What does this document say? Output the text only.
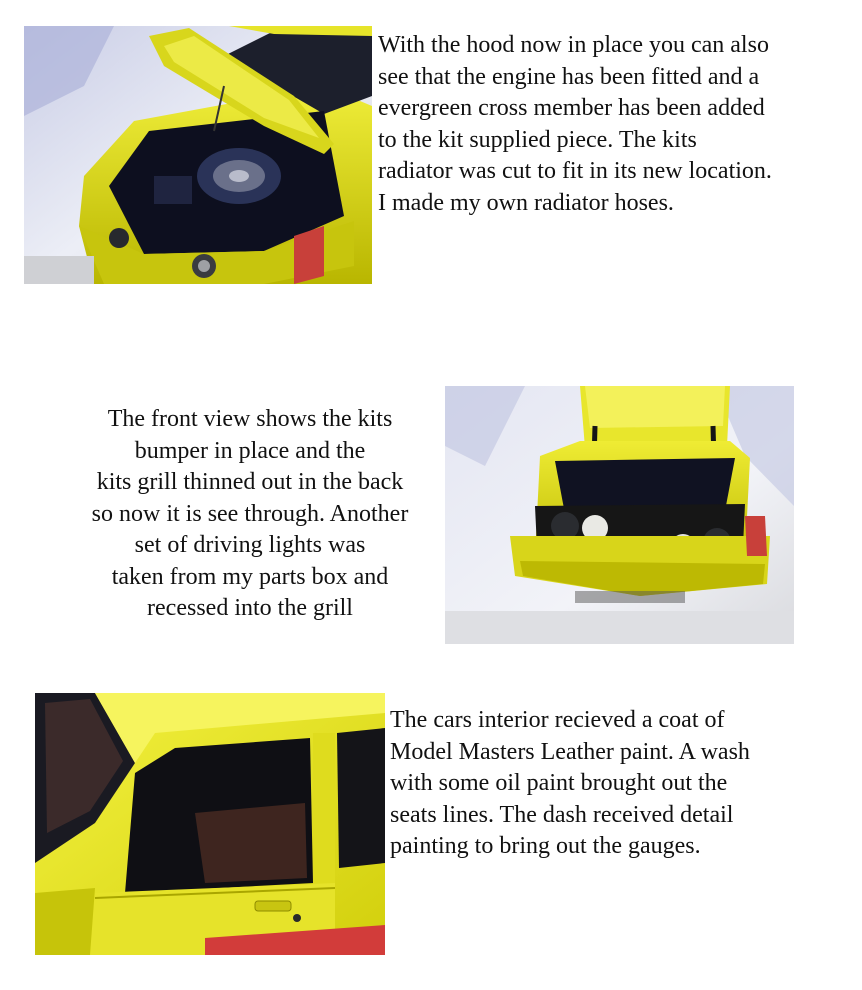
With the hood now in place you can also
see that the engine has been fitted and a
evergreen cross member has been added
to the kit supplied piece. The kits
radiator was cut to fit in its new location.
I made my own radiator hoses.
The front view shows the kits
bumper in place and the
kits grill thinned out in the back
so now it is see through. Another
set of driving lights was
taken from my parts box and
recessed into the grill
The cars interior recieved a coat of
Model Masters Leather paint. A wash
with some oil paint brought out the
seats lines. The dash received detail
painting to bring out the gauges.
